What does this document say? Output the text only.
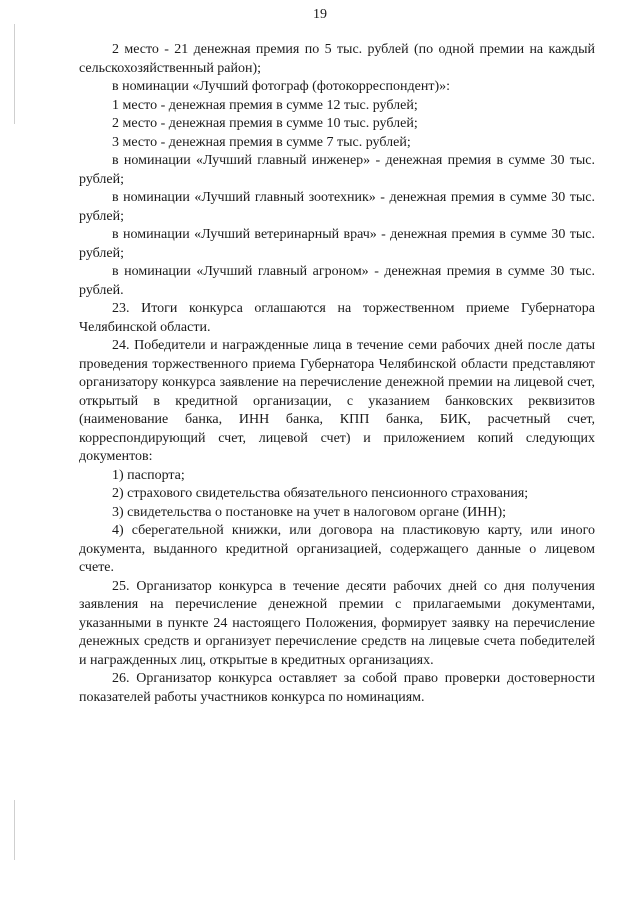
19

2 место - 21 денежная премия по 5 тыс. рублей (по одной премии на каждый сельскохозяйственный район);

в номинации «Лучший фотограф (фотокорреспондент)»:

1 место - денежная премия в сумме 12 тыс. рублей;

2 место - денежная премия в сумме 10 тыс. рублей;

3 место - денежная премия в сумме 7 тыс. рублей;

в номинации «Лучший главный инженер» - денежная премия в сумме 30 тыс. рублей;

в номинации «Лучший главный зоотехник» - денежная премия в сумме 30 тыс. рублей;

в номинации «Лучший ветеринарный врач» - денежная премия в сумме 30 тыс. рублей;

в номинации «Лучший главный агроном» - денежная премия в сумме 30 тыс. рублей.

23. Итоги конкурса оглашаются на торжественном приеме Губернатора Челябинской области.

24. Победители и награжденные лица в течение семи рабочих дней после даты проведения торжественного приема Губернатора Челябинской области представляют организатору конкурса заявление на перечисление денежной премии на лицевой счет, открытый в кредитной организации, с указанием банковских реквизитов (наименование банка, ИНН банка, КПП банка, БИК, расчетный счет, корреспондирующий счет, лицевой счет) и приложением копий следующих документов:

1) паспорта;

2) страхового свидетельства обязательного пенсионного страхования;

3) свидетельства о постановке на учет в налоговом органе (ИНН);

4) сберегательной книжки, или договора на пластиковую карту, или иного документа, выданного кредитной организацией, содержащего данные о лицевом счете.

25. Организатор конкурса в течение десяти рабочих дней со дня получения заявления на перечисление денежной премии с прилагаемыми документами, указанными в пункте 24 настоящего Положения, формирует заявку на перечисление денежных средств и организует перечисление средств на лицевые счета победителей и награжденных лиц, открытые в кредитных организациях.

26. Организатор конкурса оставляет за собой право проверки достоверности показателей работы участников конкурса по номинациям.
